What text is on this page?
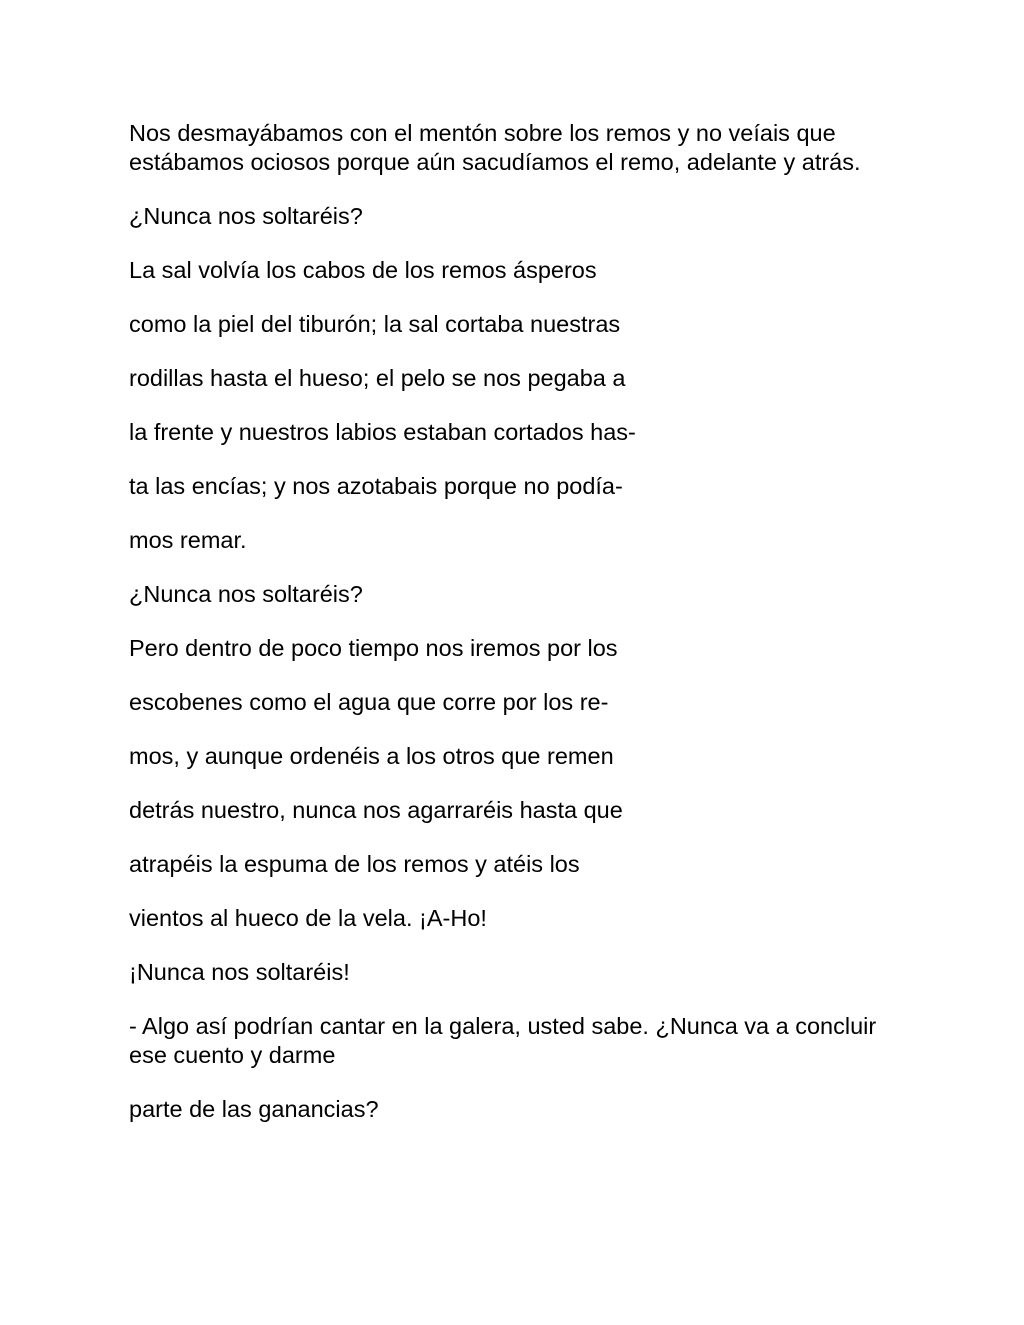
Nos desmayábamos con el mentón sobre los remos y no veíais que estábamos ociosos porque aún sacudíamos el remo, adelante y atrás.

¿Nunca nos soltaréis?

La sal volvía los cabos de los remos ásperos

como la piel del tiburón; la sal cortaba nuestras

rodillas hasta el hueso; el pelo se nos pegaba a

la frente y nuestros labios estaban cortados has-

ta las encías; y nos azotabais porque no podía-

mos remar.

¿Nunca nos soltaréis?

Pero dentro de poco tiempo nos iremos por los

escobenes como el agua que corre por los re-

mos, y aunque ordenéis a los otros que remen

detrás nuestro, nunca nos agarraréis hasta que

atrapéis la espuma de los remos y atéis los

vientos al hueco de la vela. ¡A-Ho!

¡Nunca nos soltaréis!

- Algo así podrían cantar en la galera, usted sabe. ¿Nunca va a concluir ese cuento y darme

parte de las ganancias?
